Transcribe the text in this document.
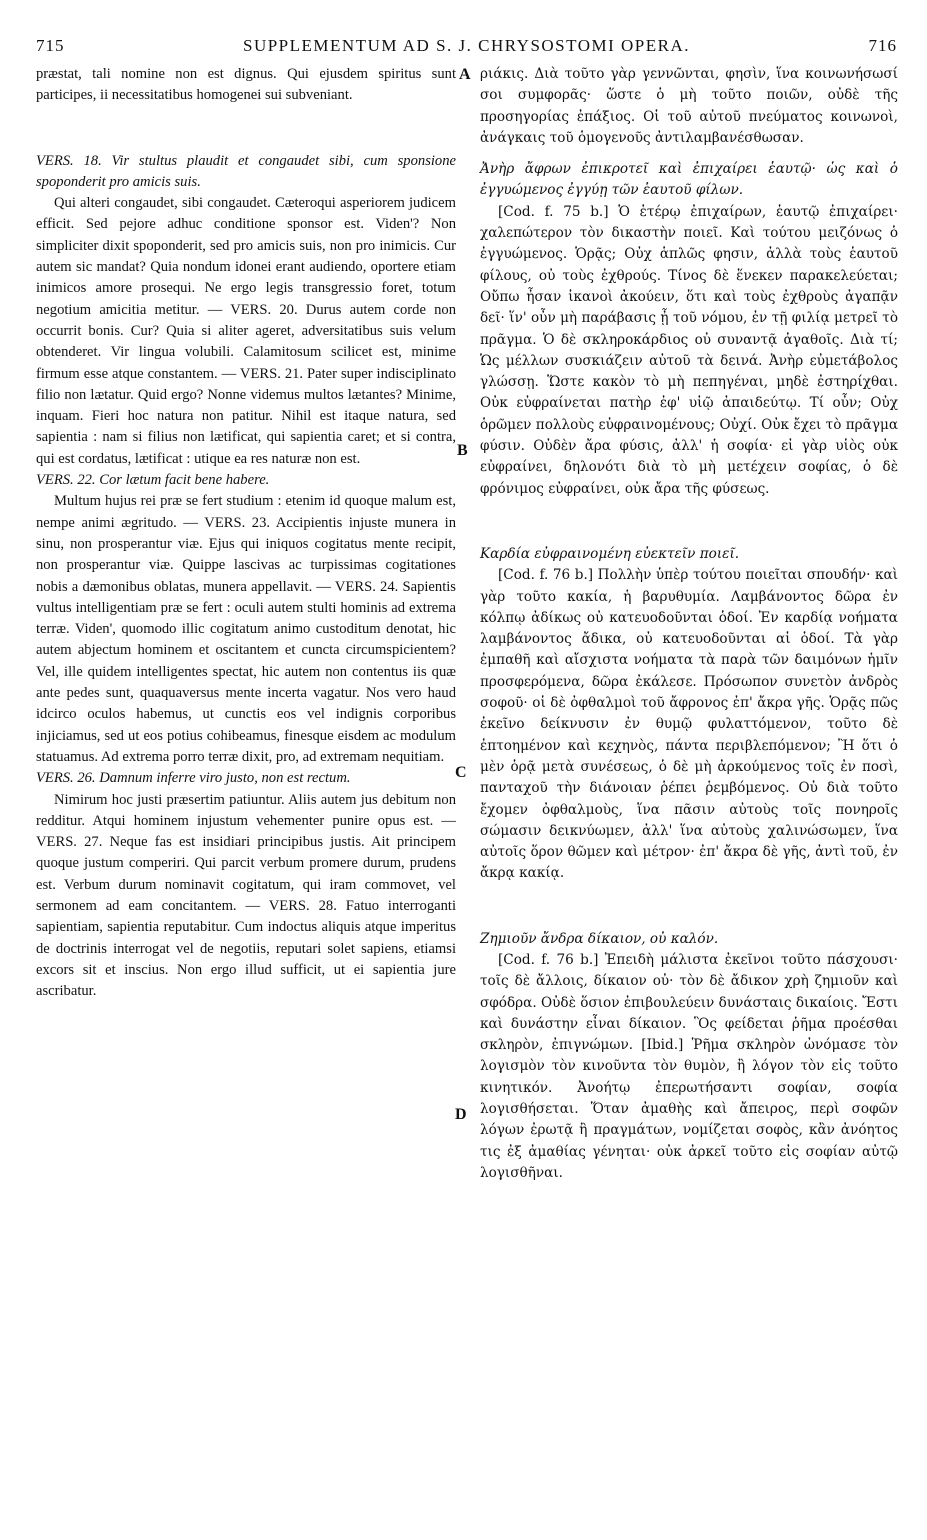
715	SUPPLEMENTUM AD S. J. CHRYSOSTOMI OPERA.	716
A
B
C
D

præstat, tali nomine non est dignus. Qui ejusdem spiritus sunt participes, ii necessitatibus homogenei sui subveniant.

VERS. 18. Vir stultus plaudit et congaudet sibi, cum sponsione spoponderit pro amicis suis.

Qui alteri congaudet, sibi congaudet. Cæteroqui asperiorem judicem efficit. Sed pejore adhuc conditione sponsor est. Viden'? Non simpliciter dixit spoponderit, sed pro amicis suis, non pro inimicis. Cur autem sic mandat? Quia nondum idonei erant audiendo, oportere etiam inimicos amore prosequi. Ne ergo legis transgressio foret, totum negotium amicitia metitur. — VERS. 20. Durus autem corde non occurrit bonis. Cur? Quia si aliter ageret, adversitatibus suis velum obtenderet. Vir lingua volubili. Calamitosum scilicet est, minime firmum esse atque constantem. — VERS. 21. Pater super indisciplinato filio non lætatur. Quid ergo? Nonne videmus multos lætantes? Minime, inquam. Fieri hoc natura non patitur. Nihil est itaque natura, sed sapientia : nam si filius non lætificat, qui sapientia caret; et si contra, qui est cordatus, lætificat : utique ea res naturæ non est.

VERS. 22. Cor lætum facit bene habere.

Multum hujus rei præ se fert studium : etenim id quoque malum est, nempe animi ægritudo. — VERS. 23. Accipientis injuste munera in sinu, non prosperantur viæ. Ejus qui iniquos cogitatus mente recipit, non prosperantur viæ. Quippe lascivas ac turpissimas cogitationes nobis a dæmonibus oblatas, munera appellavit. — VERS. 24. Sapientis vultus intelligentiam præ se fert : oculi autem stulti hominis ad extrema terræ. Viden', quomodo illic cogitatum animo custoditum denotat, hic autem abjectum hominem et oscitantem et cuncta circumspicientem? Vel, ille quidem intelligentes spectat, hic autem non contentus iis quæ ante pedes sunt, quaquaversus mente incerta vagatur. Nos vero haud idcirco oculos habemus, ut cunctis eos vel indignis corporibus injiciamus, sed ut eos potius cohibeamus, finesque eisdem ac modulum statuamus. Ad extrema porro terræ dixit, pro, ad extremam nequitiam.

VERS. 26. Damnum inferre viro justo, non est rectum.

Nimirum hoc justi præsertim patiuntur. Aliis autem jus debitum non redditur. Atqui hominem injustum vehementer punire opus est. — VERS. 27. Neque fas est insidiari principibus justis. Ait principem quoque justum comperiri. Qui parcit verbum promere durum, prudens est. Verbum durum nominavit cogitatum, qui iram commovet, vel sermonem ad eam concitantem. — VERS. 28. Fatuo interroganti sapientiam, sapientia reputabitur. Cum indoctus aliquis atque imperitus de doctrinis interrogat vel de negotiis, reputari solet sapiens, etiamsi excors sit et inscius. Non ergo illud sufficit, ut ei sapientia jure ascribatur.

ριάκις. Διὰ τοῦτο γὰρ γεννῶνται, φησὶν, ἵνα κοινωνήσωσί σοι συμφορᾶς· ὥστε ὁ μὴ τοῦτο ποιῶν, οὐδὲ τῆς προσηγορίας ἐπάξιος. Οἱ τοῦ αὐτοῦ πνεύματος κοινωνοὶ, ἀνάγκαις τοῦ ὁμογενοῦς ἀντιλαμβανέσθωσαν.

Ἀνὴρ ἄφρων ἐπικροτεῖ καὶ ἐπιχαίρει ἑαυτῷ· ὡς καὶ ὁ ἐγγυώμενος ἐγγύῃ τῶν ἑαυτοῦ φίλων.

[Cod. f. 75 b.] Ὁ ἑτέρῳ ἐπιχαίρων, ἑαυτῷ ἐπιχαίρει· χαλεπώτερον τὸν δικαστὴν ποιεῖ. Καὶ τούτου μειζόνως ὁ ἐγγυώμενος. Ὁρᾷς; Οὐχ ἁπλῶς φησιν, ἀλλὰ τοὺς ἑαυτοῦ φίλους, οὐ τοὺς ἐχθρούς. Τίνος δὲ ἕνεκεν παρακελεύεται; Οὔπω ἦσαν ἱκανοὶ ἀκούειν, ὅτι καὶ τοὺς ἐχθροὺς ἀγαπᾷν δεῖ· ἵν' οὖν μὴ παράβασις ᾖ τοῦ νόμου, ἐν τῇ φιλίᾳ μετρεῖ τὸ πρᾶγμα. Ὁ δὲ σκληροκάρδιος οὐ συναντᾷ ἀγαθοῖς. Διὰ τί; Ὡς μέλλων συσκιάζειν αὐτοῦ τὰ δεινά. Ἀνὴρ εὐμετάβολος γλώσσῃ. Ὥστε κακὸν τὸ μὴ πεπηγέναι, μηδὲ ἐστηρίχθαι. Οὐκ εὐφραίνεται πατὴρ ἐφ' υἱῷ ἀπαιδεύτῳ. Τί οὖν; Οὐχ ὁρῶμεν πολλοὺς εὐφραινομένους; Οὐχί. Οὐκ ἔχει τὸ πρᾶγμα φύσιν. Οὐδὲν ἄρα φύσις, ἀλλ' ἡ σοφία· εἰ γὰρ υἱὸς οὐκ εὐφραίνει, δηλονότι διὰ τὸ μὴ μετέχειν σοφίας, ὁ δὲ φρόνιμος εὐφραίνει, οὐκ ἄρα τῆς φύσεως.

Καρδία εὐφραινομένη εὐεκτεῖν ποιεῖ.

[Cod. f. 76 b.] Πολλὴν ὑπὲρ τούτου ποιεῖται σπουδήν· καὶ γὰρ τοῦτο κακία, ἡ βαρυθυμία. Λαμβάνοντος δῶρα ἐν κόλπῳ ἀδίκως οὐ κατευοδοῦνται ὁδοί. Ἐν καρδίᾳ νοήματα λαμβάνοντος ἄδικα, οὐ κατευοδοῦνται αἱ ὁδοί. Τὰ γὰρ ἐμπαθῆ καὶ αἴσχιστα νοήματα τὰ παρὰ τῶν δαιμόνων ἡμῖν προσφερόμενα, δῶρα ἐκάλεσε. Πρόσωπον συνετὸν ἀνδρὸς σοφοῦ· οἱ δὲ ὀφθαλμοὶ τοῦ ἄφρονος ἐπ' ἄκρα γῆς. Ὁρᾷς πῶς ἐκεῖνο δείκνυσιν ἐν θυμῷ φυλαττόμενον, τοῦτο δὲ ἐπτοημένον καὶ κεχηνὸς, πάντα περιβλεπόμενον; Ἢ ὅτι ὁ μὲν ὁρᾷ μετὰ συνέσεως, ὁ δὲ μὴ ἀρκούμενος τοῖς ἐν ποσὶ, πανταχοῦ τὴν διάνοιαν ῥέπει ῥεμβόμενος. Οὐ διὰ τοῦτο ἔχομεν ὀφθαλμοὺς, ἵνα πᾶσιν αὐτοὺς τοῖς πονηροῖς σώμασιν δεικνύωμεν, ἀλλ' ἵνα αὐτοὺς χαλινώσωμεν, ἵνα αὐτοῖς ὅρον θῶμεν καὶ μέτρον· ἐπ' ἄκρα δὲ γῆς, ἀντὶ τοῦ, ἐν ἄκρᾳ κακίᾳ.

Ζημιοῦν ἄνδρα δίκαιον, οὐ καλόν.

[Cod. f. 76 b.] Ἐπειδὴ μάλιστα ἐκεῖνοι τοῦτο πάσχουσι· τοῖς δὲ ἄλλοις, δίκαιον οὐ· τὸν δὲ ἄδικον χρὴ ζημιοῦν καὶ σφόδρα. Οὐδὲ ὅσιον ἐπιβουλεύειν δυνάσταις δικαίοις. Ἔστι καὶ δυνάστην εἶναι δίκαιον. Ὃς φείδεται ῥῆμα προέσθαι σκληρὸν, ἐπιγνώμων. [Ibid.] Ῥῆμα σκληρὸν ὠνόμασε τὸν λογισμὸν τὸν κινοῦντα τὸν θυμὸν, ἢ λόγον τὸν εἰς τοῦτο κινητικόν. Ἀνοήτῳ ἐπερωτήσαντι σοφίαν, σοφία λογισθήσεται. Ὅταν ἀμαθὴς καὶ ἄπειρος, περὶ σοφῶν λόγων ἐρωτᾷ ἢ πραγμάτων, νομίζεται σοφὸς, κἂν ἀνόητος τις ἐξ ἀμαθίας γένηται· οὐκ ἀρκεῖ τοῦτο εἰς σοφίαν αὐτῷ λογισθῆναι.
